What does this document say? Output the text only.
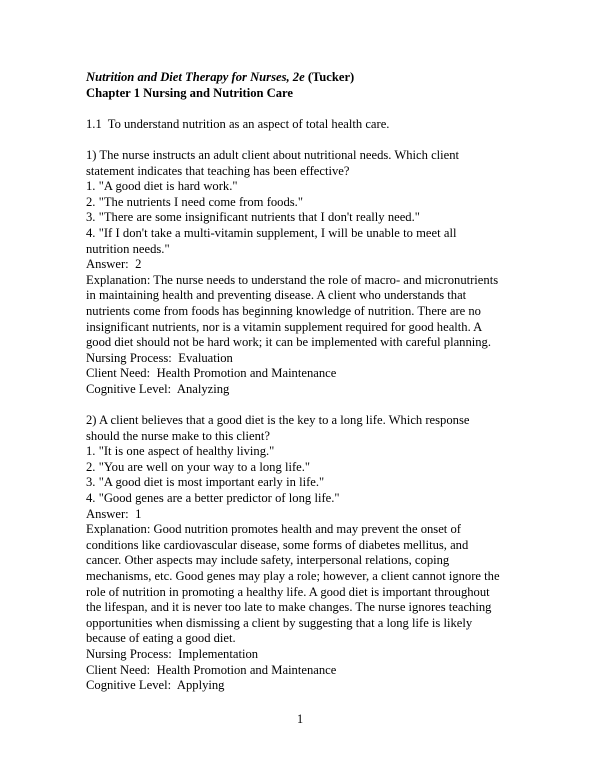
Nutrition and Diet Therapy for Nurses, 2e (Tucker)
Chapter 1 Nursing and Nutrition Care
1.1 To understand nutrition as an aspect of total health care.

1) The nurse instructs an adult client about nutritional needs. Which client statement indicates that teaching has been effective?

1. "A good diet is hard work."
2. "The nutrients I need come from foods."
3. "There are some insignificant nutrients that I don't really need."
4. "If I don't take a multi-vitamin supplement, I will be unable to meet all nutrition needs."
Answer:  2

Explanation: The nurse needs to understand the role of macro- and micronutrients in maintaining health and preventing disease. A client who understands that nutrients come from foods has beginning knowledge of nutrition. There are no insignificant nutrients, nor is a vitamin supplement required for good health. A good diet should not be hard work; it can be implemented with careful planning.

Nursing Process:  Evaluation
Client Need:  Health Promotion and Maintenance
Cognitive Level:  Analyzing

2) A client believes that a good diet is the key to a long life. Which response should the nurse make to this client?

1. "It is one aspect of healthy living."
2. "You are well on your way to a long life."
3. "A good diet is most important early in life."
4. "Good genes are a better predictor of long life."
Answer:  1

Explanation: Good nutrition promotes health and may prevent the onset of conditions like cardiovascular disease, some forms of diabetes mellitus, and cancer. Other aspects may include safety, interpersonal relations, coping mechanisms, etc. Good genes may play a role; however, a client cannot ignore the role of nutrition in promoting a healthy life. A good diet is important throughout the lifespan, and it is never too late to make changes. The nurse ignores teaching opportunities when dismissing a client by suggesting that a long life is likely because of eating a good diet.

Nursing Process:  Implementation
Client Need:  Health Promotion and Maintenance
Cognitive Level:  Applying
1
